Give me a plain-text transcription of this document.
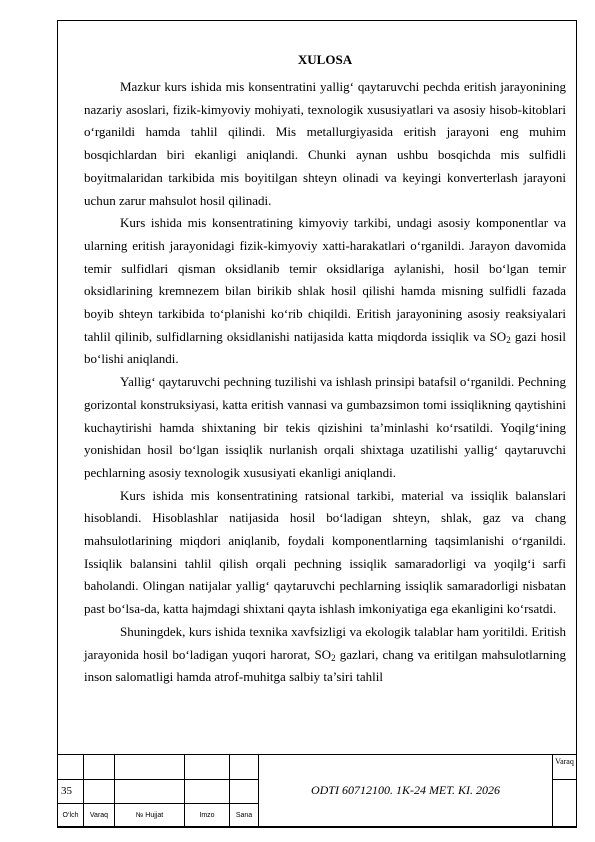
XULOSA

Mazkur kurs ishida mis konsentratini yallig‘ qaytaruvchi pechda eritish jarayonining nazariy asoslari, fizik-kimyoviy mohiyati, texnologik xususiyatlari va asosiy hisob-kitoblari o‘rganildi hamda tahlil qilindi. Mis metallurgiyasida eritish jarayoni eng muhim bosqichlardan biri ekanligi aniqlandi. Chunki aynan ushbu bosqichda mis sulfidli boyitmalaridan tarkibida mis boyitilgan shteyn olinadi va keyingi konverterlash jarayoni uchun zarur mahsulot hosil qilinadi.

Kurs ishida mis konsentratining kimyoviy tarkibi, undagi asosiy komponentlar va ularning eritish jarayonidagi fizik-kimyoviy xatti-harakatlari o‘rganildi. Jarayon davomida temir sulfidlari qisman oksidlanib temir oksidlariga aylanishi, hosil bo‘lgan temir oksidlarining kremnezem bilan birikib shlak hosil qilishi hamda misning sulfidli fazada boyib shteyn tarkibida to‘planishi ko‘rib chiqildi. Eritish jarayonining asosiy reaksiyalari tahlil qilinib, sulfidlarning oksidlanishi natijasida katta miqdorda issiqlik va $SO_2$ gazi hosil bo‘lishi aniqlandi.

Yallig‘ qaytaruvchi pechning tuzilishi va ishlash prinsipi batafsil o‘rganildi. Pechning gorizontal konstruksiyasi, katta eritish vannasi va gumbazsimon tomi issiqlikning qaytishini kuchaytirishi hamda shixtaning bir tekis qizishini ta’minlashi ko‘rsatildi. Yoqilg‘ining yonishidan hosil bo‘lgan issiqlik nurlanish orqali shixtaga uzatilishi yallig‘ qaytaruvchi pechlarning asosiy texnologik xususiyati ekanligi aniqlandi.

Kurs ishida mis konsentratining ratsional tarkibi, material va issiqlik balanslari hisoblandi. Hisoblashlar natijasida hosil bo‘ladigan shteyn, shlak, gaz va chang mahsulotlarining miqdori aniqlanib, foydali komponentlarning taqsimlanishi o‘rganildi. Issiqlik balansini tahlil qilish orqali pechning issiqlik samaradorligi va yoqilg‘i sarfi baholandi. Olingan natijalar yallig‘ qaytaruvchi pechlarning issiqlik samaradorligi nisbatan past bo‘lsa-da, katta hajmdagi shixtani qayta ishlash imkoniyatiga ega ekanligini ko‘rsatdi.

Shuningdek, kurs ishida texnika xavfsizligi va ekologik talablar ham yoritildi. Eritish jarayonida hosil bo‘ladigan yuqori harorat, $SO_2$ gazlari, chang va eritilgan mahsulotlarning inson salomatligi hamda atrof-muhitga salbiy ta’siri tahlil

					ODTI 60712100. 1K-24 MET. KI. 2026	Varaq
35						
O‘lch	Varaq	№ Hujjat	Imzo	Sana		
